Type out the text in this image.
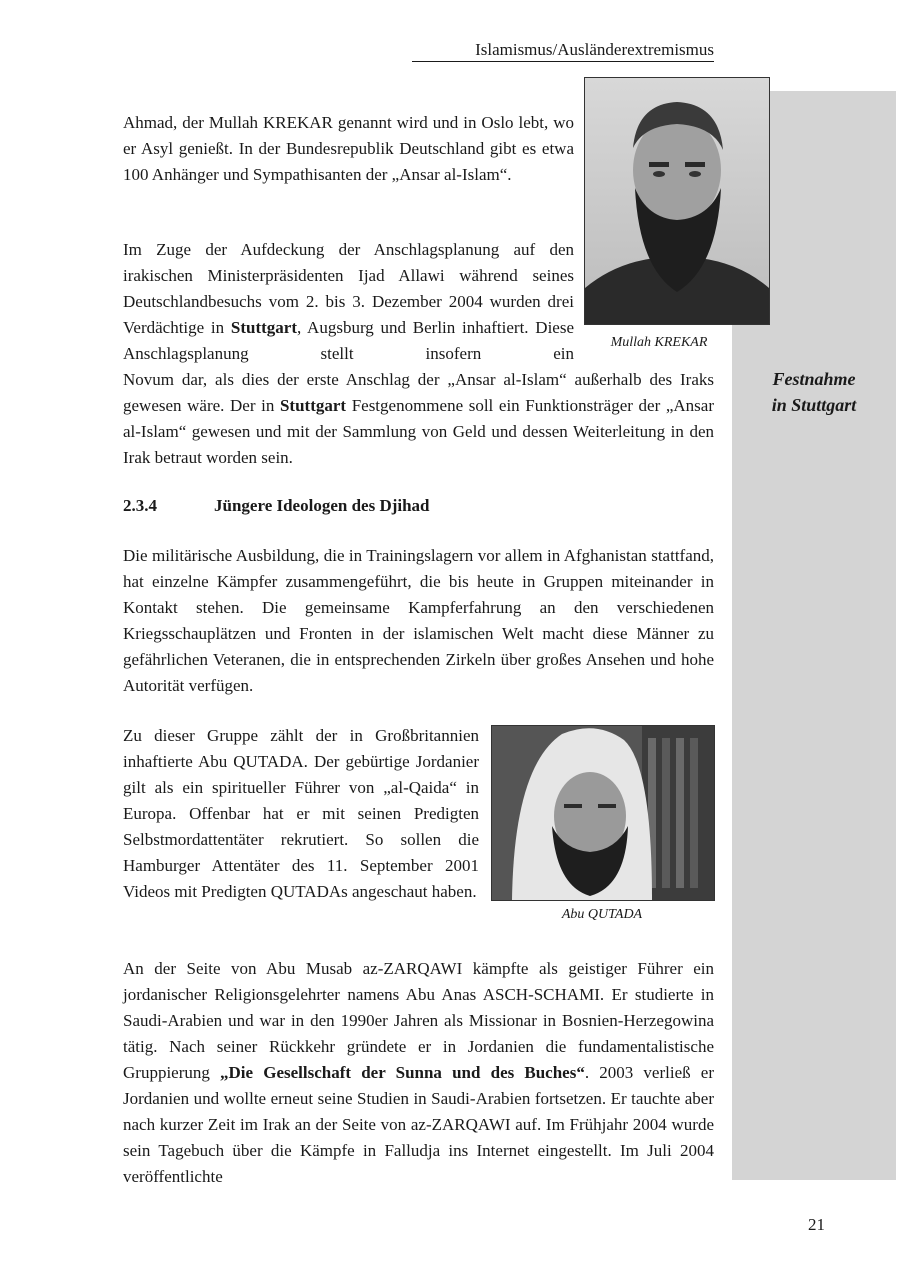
Islamismus/Ausländerextremismus
Festnahme
in Stuttgart
Mullah KREKAR

Ahmad, der Mullah KREKAR genannt wird und in Oslo lebt, wo er Asyl genießt. In der Bundesrepublik Deutschland gibt es etwa 100 Anhänger und Sympathisanten der „Ansar al-Islam“.

Im Zuge der Aufdeckung der Anschlagsplanung auf den irakischen Ministerpräsidenten Ijad Allawi während seines Deutschlandbesuchs vom 2. bis 3. Dezember 2004 wurden drei Verdächtige in Stuttgart, Augsburg und Berlin inhaftiert. Diese Anschlagsplanung stellt insofern ein

Novum dar, als dies der erste Anschlag der „Ansar al-Islam“ außerhalb des Iraks gewesen wäre. Der in Stuttgart Festgenommene soll ein Funktionsträger der „Ansar al-Islam“ gewesen und mit der Sammlung von Geld und dessen Weiterleitung in den Irak betraut worden sein.

2.3.4	Jüngere Ideologen des Djihad

Die militärische Ausbildung, die in Trainingslagern vor allem in Afghanistan stattfand, hat einzelne Kämpfer zusammengeführt, die bis heute in Gruppen miteinander in Kontakt stehen. Die gemeinsame Kampferfahrung an den verschiedenen Kriegsschauplätzen und Fronten in der islamischen Welt macht diese Männer zu gefährlichen Veteranen, die in entsprechenden Zirkeln über großes Ansehen und hohe Autorität verfügen.

Abu QUTADA

Zu dieser Gruppe zählt der in Großbritannien inhaftierte Abu QUTADA. Der gebürtige Jordanier gilt als ein spiritueller Führer von „al-Qaida“ in Europa. Offenbar hat er mit seinen Predigten Selbstmordattentäter rekrutiert. So sollen die Hamburger Attentäter des 11. September 2001 Videos mit Predigten QUTADAs angeschaut haben.

An der Seite von Abu Musab az-ZARQAWI kämpfte als geistiger Führer ein jordanischer Religionsgelehrter namens Abu Anas ASCH-SCHAMI. Er studierte in Saudi-Arabien und war in den 1990er Jahren als Missionar in Bosnien-Herzegowina tätig. Nach seiner Rückkehr gründete er in Jordanien die fundamentalistische Gruppierung „Die Gesellschaft der Sunna und des Buches“. 2003 verließ er Jordanien und wollte erneut seine Studien in Saudi-Arabien fortsetzen. Er tauchte aber nach kurzer Zeit im Irak an der Seite von az-ZARQAWI auf. Im Frühjahr 2004 wurde sein Tagebuch über die Kämpfe in Falludja ins Internet eingestellt. Im Juli 2004 veröffentlichte

21
